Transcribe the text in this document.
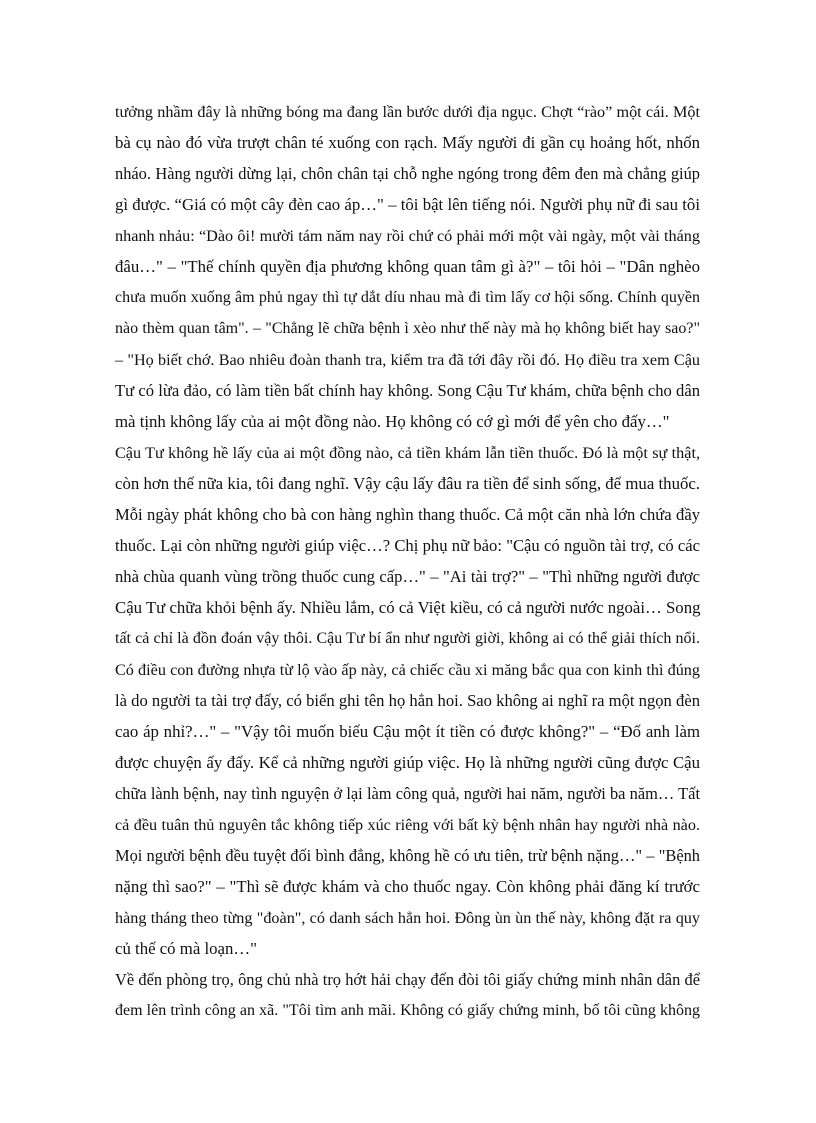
tưởng nhầm đây là những bóng ma đang lần bước dưới địa ngục. Chợt “rào” một cái. Một
bà cụ nào đó vừa trượt chân té xuống con rạch. Mấy người đi gần cụ hoảng hốt, nhốn
nháo. Hàng người dừng lại, chôn chân tại chỗ nghe ngóng trong đêm đen mà chẳng giúp
gì được. “Giá có một cây đèn cao áp…" – tôi bật lên tiếng nói. Người phụ nữ đi sau tôi
nhanh nhảu: “Dào ôi! mười tám năm nay rồi chứ có phải mới một vài ngày, một vài tháng
đâu…" – "Thế chính quyền địa phương không quan tâm gì à?" – tôi hỏi – "Dân nghèo
chưa muốn xuống âm phủ ngay thì tự dắt díu nhau mà đi tìm lấy cơ hội sống. Chính quyền
nào thèm quan tâm". – "Chẳng lẽ chữa bệnh ì xèo như thế này mà họ không biết hay sao?"
– "Họ biết chớ. Bao nhiêu đoàn thanh tra, kiểm tra đã tới đây rồi đó. Họ điều tra xem Cậu
Tư có lừa đảo, có làm tiền bất chính hay không. Song Cậu Tư khám, chữa bệnh cho dân
mà tịnh không lấy của ai một đồng nào. Họ không có cớ gì mới để yên cho đấy…"
Cậu Tư không hề lấy của ai một đồng nào, cả tiền khám lẫn tiền thuốc. Đó là một sự thật,
còn hơn thế nữa kia, tôi đang nghĩ. Vậy cậu lấy đâu ra tiền để sinh sống, để mua thuốc.
Mỗi ngày phát không cho bà con hàng nghìn thang thuốc. Cả một căn nhà lớn chứa đầy
thuốc. Lại còn những người giúp việc…? Chị phụ nữ bảo: "Cậu có nguồn tài trợ, có các
nhà chùa quanh vùng trồng thuốc cung cấp…" – "Ai tài trợ?" – "Thì những người được
Cậu Tư chữa khỏi bệnh ấy. Nhiều lắm, có cả Việt kiều, có cả người nước ngoài… Song
tất cả chỉ là đồn đoán vậy thôi. Cậu Tư bí ẩn như người giời, không ai có thể giải thích nổi.
Có điều con đường nhựa từ lộ vào ấp này, cả chiếc cầu xi măng bắc qua con kinh thì đúng
là do người ta tài trợ đấy, có biển ghi tên họ hẳn hoi. Sao không ai nghĩ ra một ngọn đèn
cao áp nhỉ?…" – "Vậy tôi muốn biếu Cậu một ít tiền có được không?" – “Đố anh làm
được chuyện ấy đấy. Kể cả những người giúp việc. Họ là những người cũng được Cậu
chữa lành bệnh, nay tình nguyện ở lại làm công quả, người hai năm, người ba năm… Tất
cả đều tuân thủ nguyên tắc không tiếp xúc riêng với bất kỳ bệnh nhân hay người nhà nào.
Mọi người bệnh đều tuyệt đối bình đẳng, không hề có ưu tiên, trừ bệnh nặng…" – "Bệnh
nặng thì sao?" – "Thì sẽ được khám và cho thuốc ngay. Còn không phải đăng kí trước
hàng tháng theo từng "đoàn", có danh sách hẳn hoi. Đông ùn ùn thế này, không đặt ra quy
củ thế có mà loạn…"
Về đến phòng trọ, ông chủ nhà trọ hớt hải chạy đến đòi tôi giấy chứng minh nhân dân để
đem lên trình công an xã. "Tôi tìm anh mãi. Không có giấy chứng minh, bố tôi cũng không
